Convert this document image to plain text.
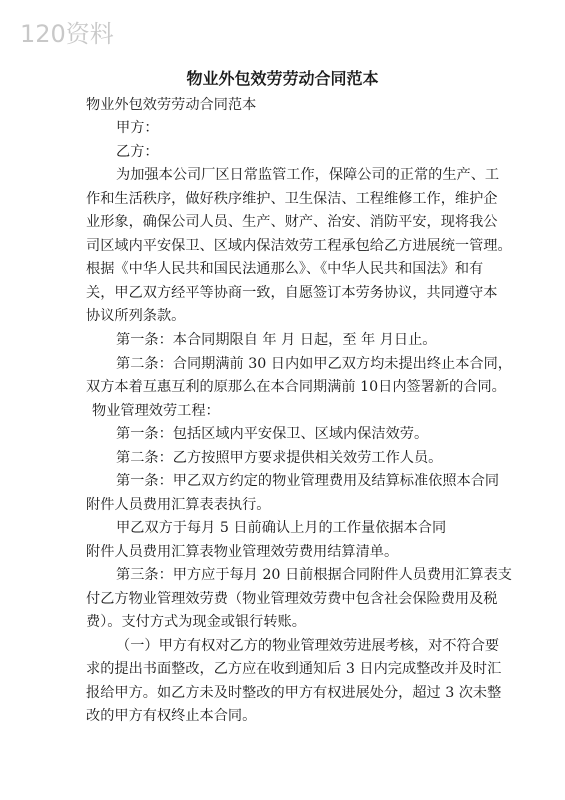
120资料
物业外包效劳劳动合同范本
物业外包效劳劳动合同范本
甲方：
乙方：
为加强本公司厂区日常监管工作，保障公司的正常的生产、工
作和生活秩序，做好秩序维护、卫生保洁、工程维修工作，维护企
业形象，确保公司人员、生产、财产、治安、消防平安，现将我公
司区域内平安保卫、区域内保洁效劳工程承包给乙方进展统一管理。
根据《中华人民共和国民法通那么》、《中华人民共和国法》和有
关，甲乙双方经平等协商一致，自愿签订本劳务协议，共同遵守本
协议所列条款。
第一条：本合同期限自 年 月 日起，至 年 月日止。
第二条：合同期满前 30 日内如甲乙双方均未提出终止本合同，
双方本着互惠互利的原那么在本合同期满前 10日内签署新的合同。
物业管理效劳工程：
第一条：包括区域内平安保卫、区域内保洁效劳。
第二条：乙方按照甲方要求提供相关效劳工作人员。
第一条：甲乙双方约定的物业管理费用及结算标准依照本合同
附件人员费用汇算表表执行。
甲乙双方于每月 5 日前确认上月的工作量依据本合同
附件人员费用汇算表物业管理效劳费用结算清单。
第三条：甲方应于每月 20 日前根据合同附件人员费用汇算表支
付乙方物业管理效劳费（物业管理效劳费中包含社会保险费用及税
费）。支付方式为现金或银行转账。
（一）甲方有权对乙方的物业管理效劳进展考核，对不符合要
求的提出书面整改，乙方应在收到通知后 3 日内完成整改并及时汇
报给甲方。如乙方未及时整改的甲方有权进展处分，超过 3 次未整
改的甲方有权终止本合同。
